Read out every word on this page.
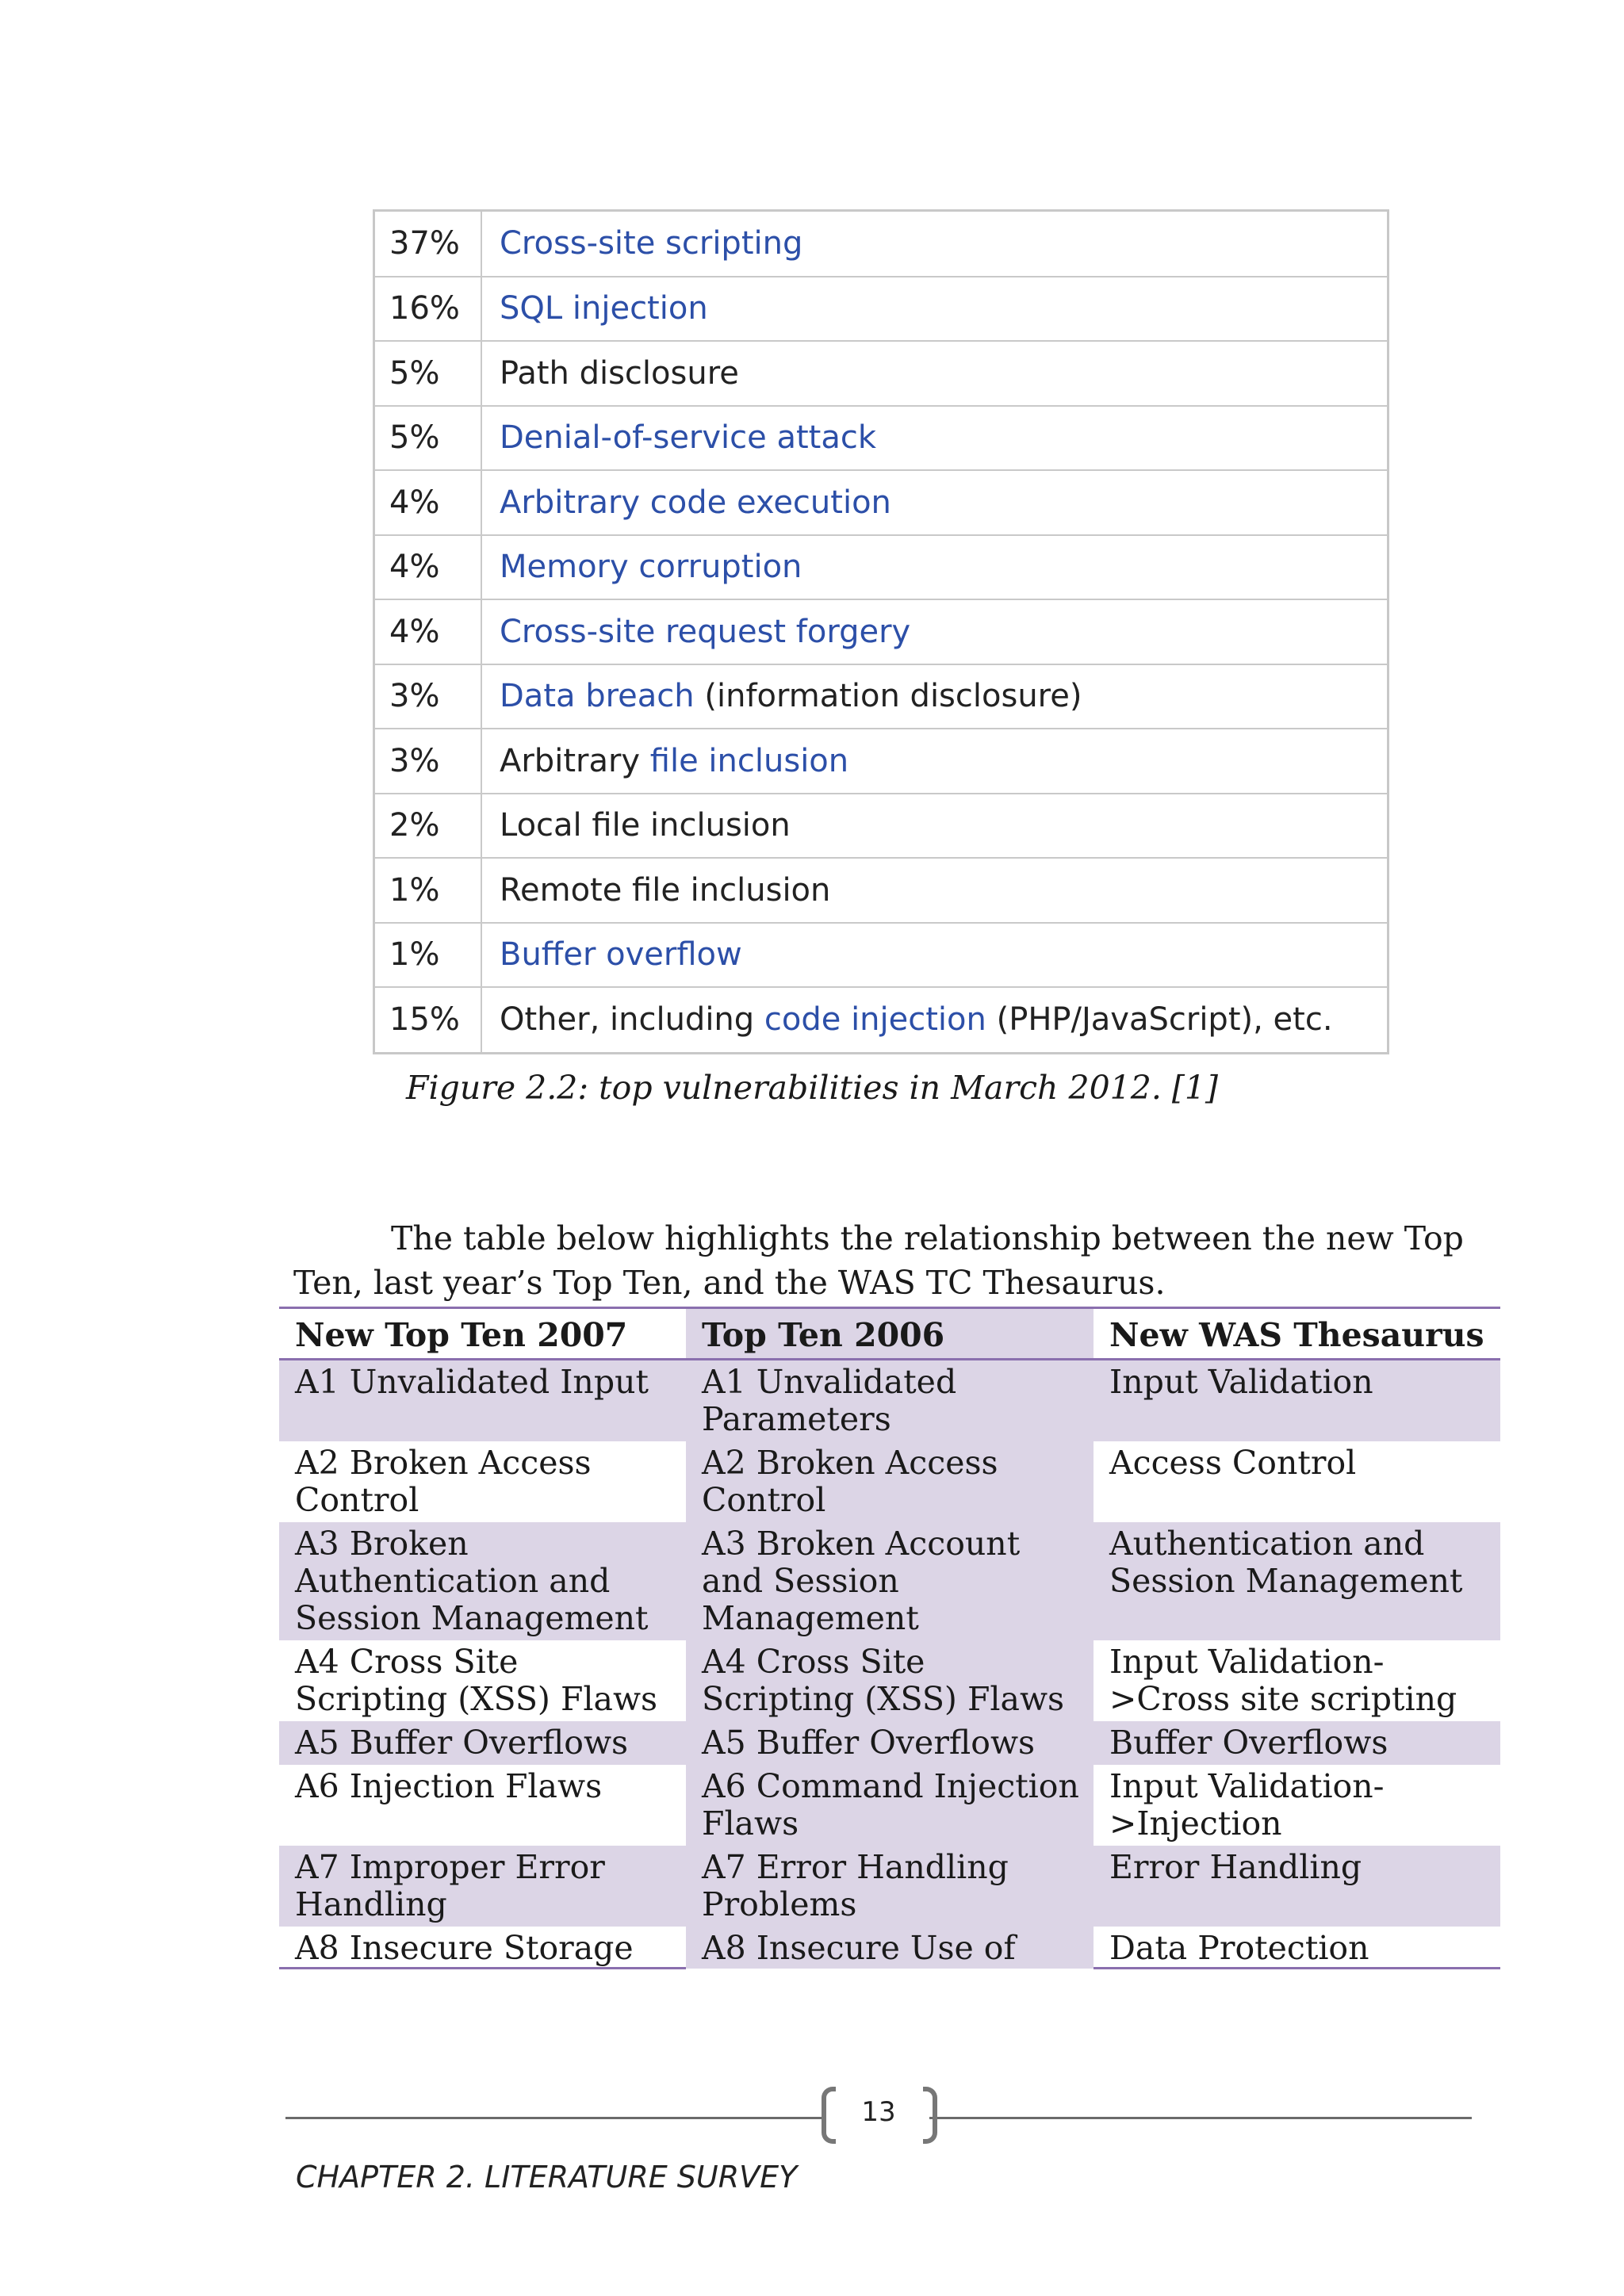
37%	Cross-site scripting
16%	SQL injection
5%	Path disclosure
5%	Denial-of-service attack
4%	Arbitrary code execution
4%	Memory corruption
4%	Cross-site request forgery
3%	Data breach (information disclosure)
3%	Arbitrary file inclusion
2%	Local file inclusion
1%	Remote file inclusion
1%	Buffer overflow
15%	Other, including code injection (PHP/JavaScript), etc.
Figure 2.2: top vulnerabilities in March 2012. [1]

The table below highlights the relationship between the new Top Ten, last year’s Top Ten, and the WAS TC Thesaurus.

New Top Ten 2007	Top Ten 2006	New WAS Thesaurus
A1 Unvalidated Input	A1 Unvalidated Parameters	Input Validation
A2 Broken Access Control	A2 Broken Access Control	Access Control
A3 Broken Authentication and Session Management	A3 Broken Account and Session Management	Authentication and Session Management
A4 Cross Site Scripting (XSS) Flaws	A4 Cross Site Scripting (XSS) Flaws	Input Validation->Cross site scripting
A5 Buffer Overflows	A5 Buffer Overflows	Buffer Overflows
A6 Injection Flaws	A6 Command Injection Flaws	Input Validation->Injection
A7 Improper Error Handling	A7 Error Handling Problems	Error Handling
A8 Insecure Storage	A8 Insecure Use of	Data Protection
13
CHAPTER 2. LITERATURE SURVEY
